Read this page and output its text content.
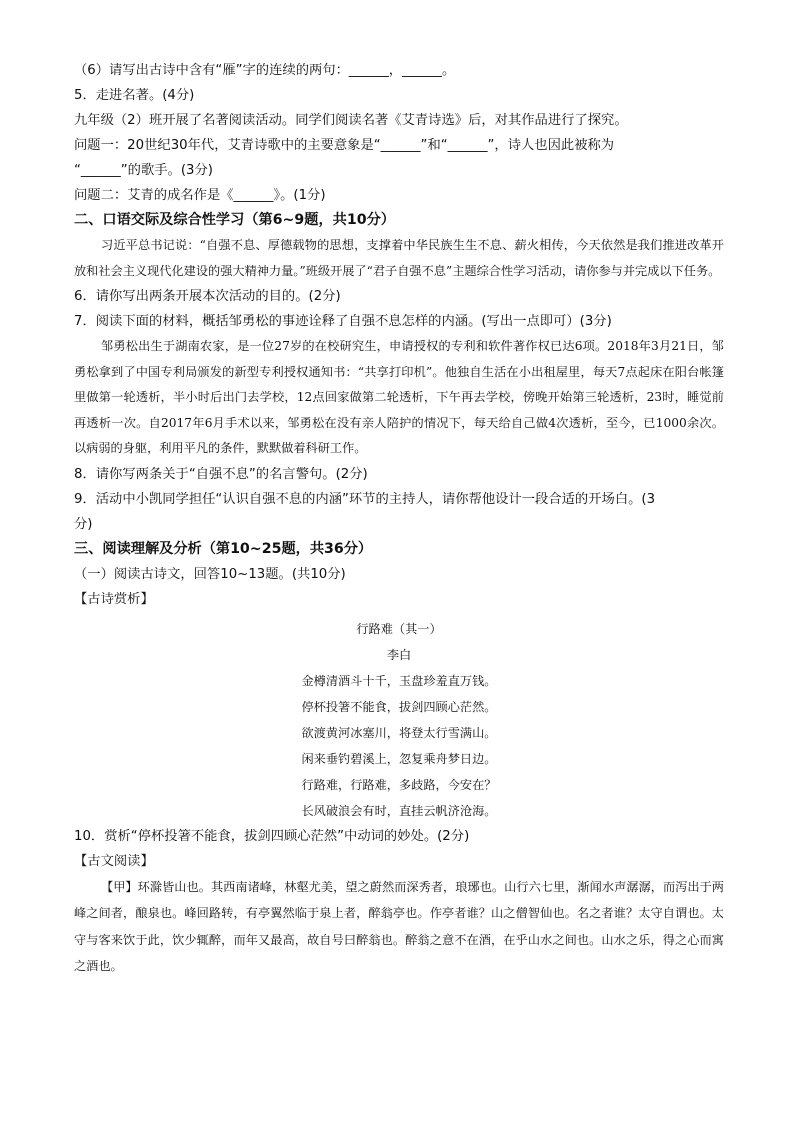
（6）请写出古诗中含有“雁”字的连续的两句：______，______。
5．走进名著。(4分)
九年级（2）班开展了名著阅读活动。同学们阅读名著《艾青诗选》后，对其作品进行了探究。
问题一：20世纪30年代，艾青诗歌中的主要意象是“______”和“______”，诗人也因此被称为
“______”的歌手。(3分)
问题二：艾青的成名作是《______》。(1分)
二、口语交际及综合性学习（第6~9题，共10分）
习近平总书记说：“自强不息、厚德载物的思想，支撑着中华民族生生不息、薪火相传，今天依然是我们推进改革开放和社会主义现代化建设的强大精神力量。”班级开展了“君子自强不息”主题综合性学习活动，请你参与并完成以下任务。
6．请你写出两条开展本次活动的目的。(2分)
7．阅读下面的材料，概括邹勇松的事迹诠释了自强不息怎样的内涵。(写出一点即可）(3分)
邹勇松出生于湖南农家，是一位27岁的在校研究生，申请授权的专利和软件著作权已达6项。2018年3月21日，邹勇松拿到了中国专利局颁发的新型专利授权通知书：“共享打印机”。他独自生活在小出租屋里，每天7点起床在阳台帐篷里做第一轮透析，半小时后出门去学校，12点回家做第二轮透析，下午再去学校，傍晚开始第三轮透析，23时，睡觉前再透析一次。自2017年6月手术以来，邹勇松在没有亲人陪护的情况下，每天给自己做4次透析，至今，已1000余次。以病弱的身躯，利用平凡的条件，默默做着科研工作。
8．请你写两条关于“自强不息”的名言警句。(2分)
9．活动中小凯同学担任“认识自强不息的内涵”环节的主持人，请你帮他设计一段合适的开场白。(3
分)
三、阅读理解及分析（第10~25题，共36分）
（一）阅读古诗文，回答10~13题。(共10分)
【古诗赏析】
行路难（其一）
李白
金樽清酒斗十千，玉盘珍羞直万钱。
停杯投箸不能食，拔剑四顾心茫然。
欲渡黄河冰塞川，将登太行雪满山。
闲来垂钓碧溪上，忽复乘舟梦日边。
行路难，行路难，多歧路，今安在？
长风破浪会有时，直挂云帆济沧海。
10．赏析“停杯投箸不能食，拔剑四顾心茫然”中动词的妙处。(2分)
【古文阅读】
【甲】环滁皆山也。其西南诸峰，林壑尤美，望之蔚然而深秀者，琅琊也。山行六七里，渐闻水声潺潺，而泻出于两峰之间者，酿泉也。峰回路转，有亭翼然临于泉上者，醉翁亭也。作亭者谁？山之僧智仙也。名之者谁？太守自谓也。太守与客来饮于此，饮少辄醉，而年又最高，故自号曰醉翁也。醉翁之意不在酒，在乎山水之间也。山水之乐，得之心而寓之酒也。
